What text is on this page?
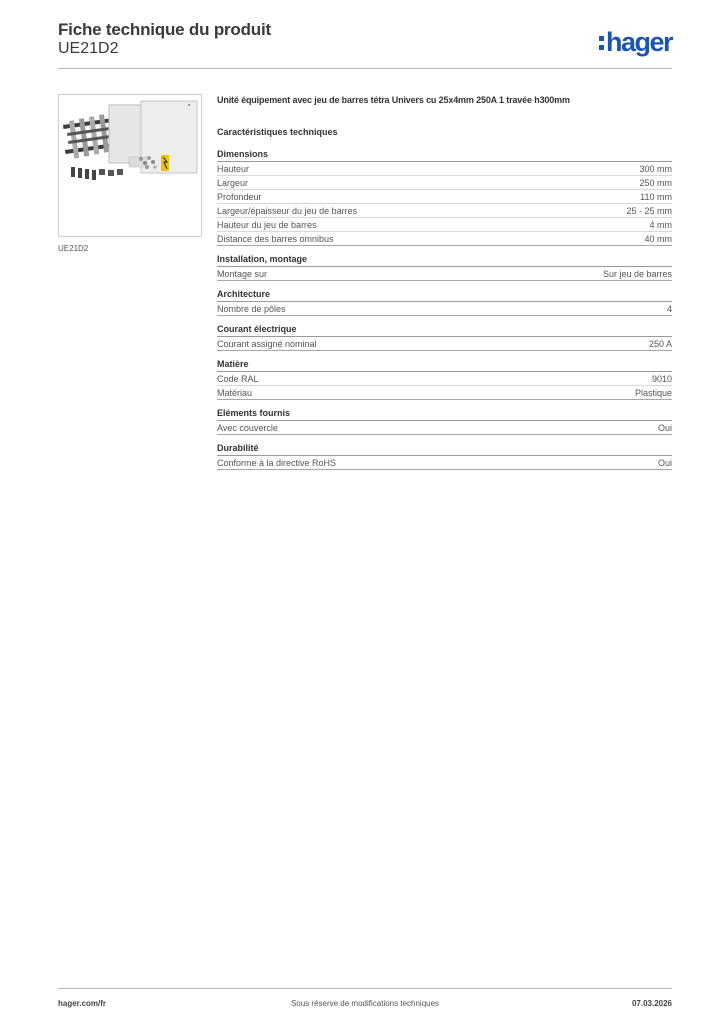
Fiche technique du produit
UE21D2	hager
UE21D2
Unité équipement avec jeu de barres tétra Univers cu 25x4mm 250A 1 travée h300mm
Caractéristiques techniques
Dimensions
Hauteur	300 mm
Largeur	250 mm
Profondeur	110 mm
Largeur/épaisseur du jeu de barres	25 - 25 mm
Hauteur du jeu de barres	4 mm
Distance des barres omnibus	40 mm
Installation, montage
Montage sur	Sur jeu de barres
Architecture
Nombre de pôles	4
Courant électrique
Courant assigné nominal	250 A
Matière
Code RAL	9010
Matériau	Plastique
Eléments fournis
Avec couvercle	Oui
Durabilité
Conforme à la directive RoHS	Oui
hager.com/fr	Sous réserve de modifications techniques	07.03.2026
